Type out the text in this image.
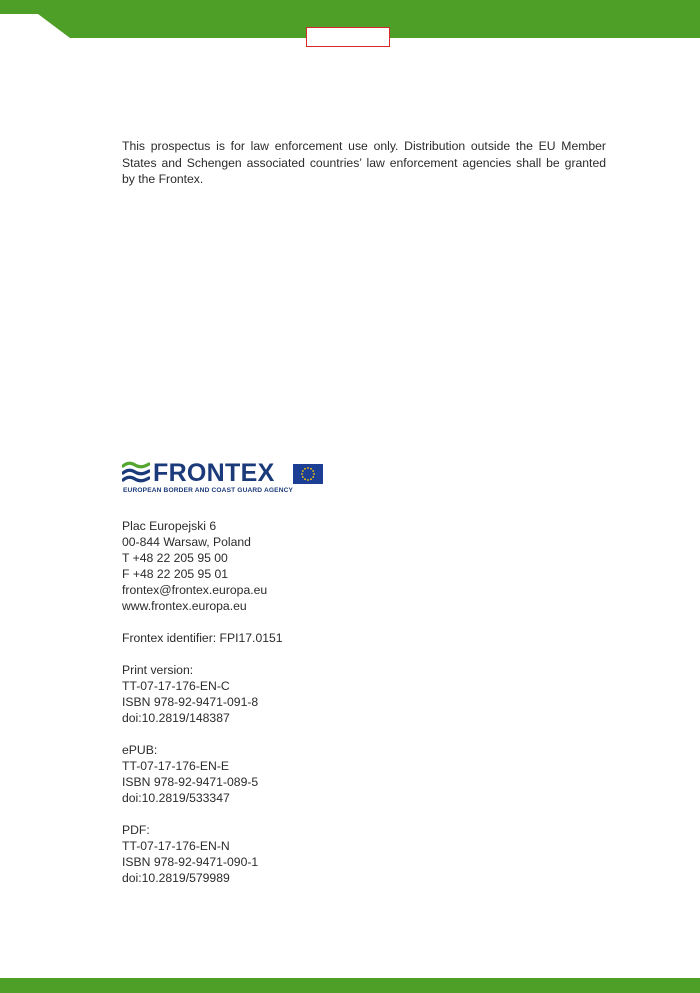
This prospectus is for law enforcement use only. Distribution outside the EU Member States and Schengen associated countries’ law enforcement agencies shall be granted by the Frontex.

FRONTEX
EUROPEAN BORDER AND COAST GUARD AGENCY
Plac Europejski 6
00-844 Warsaw, Poland
T +48 22 205 95 00
F +48 22 205 95 01
frontex@frontex.europa.eu
www.frontex.europa.eu
Frontex identifier: FPI17.0151
Print version:
TT-07-17-176-EN-C
ISBN 978-92-9471-091-8
doi:10.2819/148387
ePUB:
TT-07-17-176-EN-E
ISBN 978-92-9471-089-5
doi:10.2819/533347
PDF:
TT-07-17-176-EN-N
ISBN 978-92-9471-090-1
doi:10.2819/579989
